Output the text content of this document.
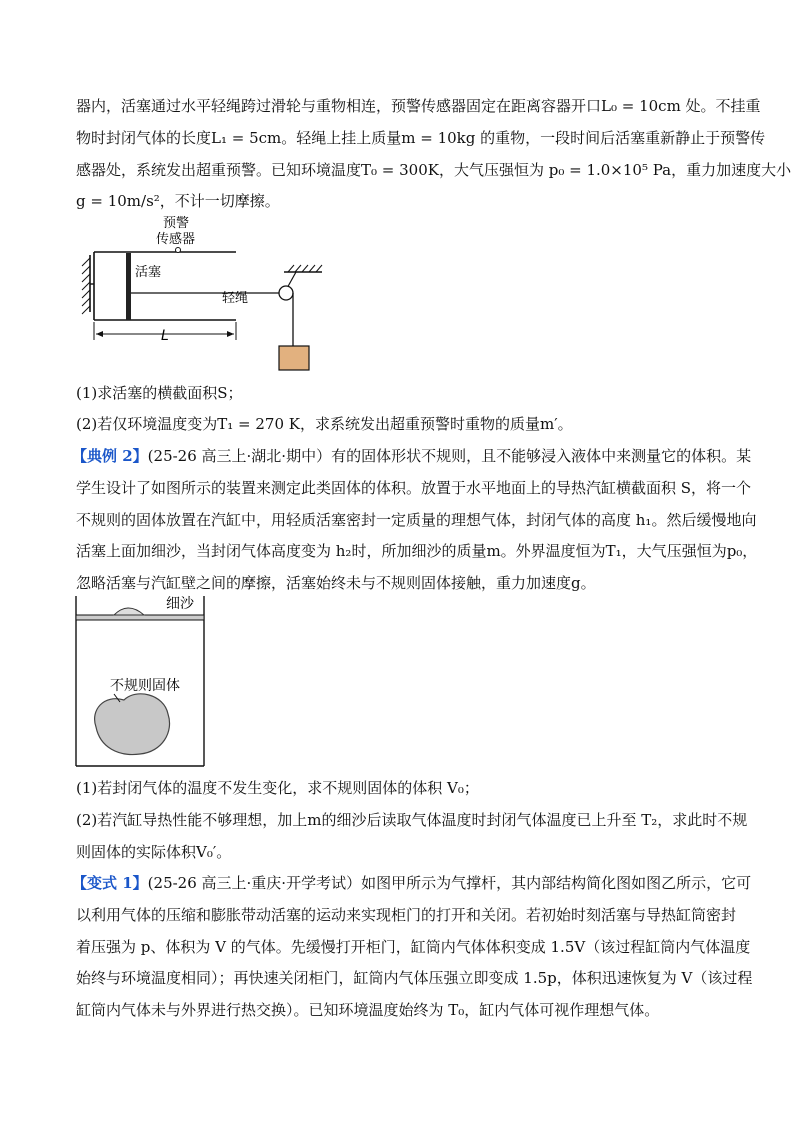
器内，活塞通过水平轻绳跨过滑轮与重物相连，预警传感器固定在距离容器开口L₀ = 10cm 处。不挂重
物时封闭气体的长度L₁ = 5cm。轻绳上挂上质量m = 10kg 的重物，一段时间后活塞重新静止于预警传
感器处，系统发出超重预警。已知环境温度T₀ = 300K，大气压强恒为 p₀ = 1.0×10⁵ Pa，重力加速度大小
g = 10m/s²，不计一切摩擦。
预警
传感器
活塞
轻绳
L
(1)求活塞的横截面积S；
(2)若仅环境温度变为T₁ = 270 K，求系统发出超重预警时重物的质量m′。
【典例 2】(25-26 高三上·湖北·期中）有的固体形状不规则，且不能够浸入液体中来测量它的体积。某
学生设计了如图所示的装置来测定此类固体的体积。放置于水平地面上的导热汽缸横截面积 S，将一个
不规则的固体放置在汽缸中，用轻质活塞密封一定质量的理想气体，封闭气体的高度 h₁。然后缓慢地向
活塞上面加细沙，当封闭气体高度变为 h₂时，所加细沙的质量m。外界温度恒为T₁，大气压强恒为p₀，
忽略活塞与汽缸壁之间的摩擦，活塞始终未与不规则固体接触，重力加速度g。
细沙
不规则固体
(1)若封闭气体的温度不发生变化，求不规则固体的体积 V₀；
(2)若汽缸导热性能不够理想，加上m的细沙后读取气体温度时封闭气体温度已上升至 T₂，求此时不规
则固体的实际体积V₀′。
【变式 1】(25-26 高三上·重庆·开学考试）如图甲所示为气撑杆，其内部结构简化图如图乙所示，它可
以利用气体的压缩和膨胀带动活塞的运动来实现柜门的打开和关闭。若初始时刻活塞与导热缸筒密封
着压强为 p、体积为 V 的气体。先缓慢打开柜门，缸筒内气体体积变成 1.5V（该过程缸筒内气体温度
始终与环境温度相同）；再快速关闭柜门，缸筒内气体压强立即变成 1.5p，体积迅速恢复为 V（该过程
缸筒内气体未与外界进行热交换）。已知环境温度始终为 T₀，缸内气体可视作理想气体。
